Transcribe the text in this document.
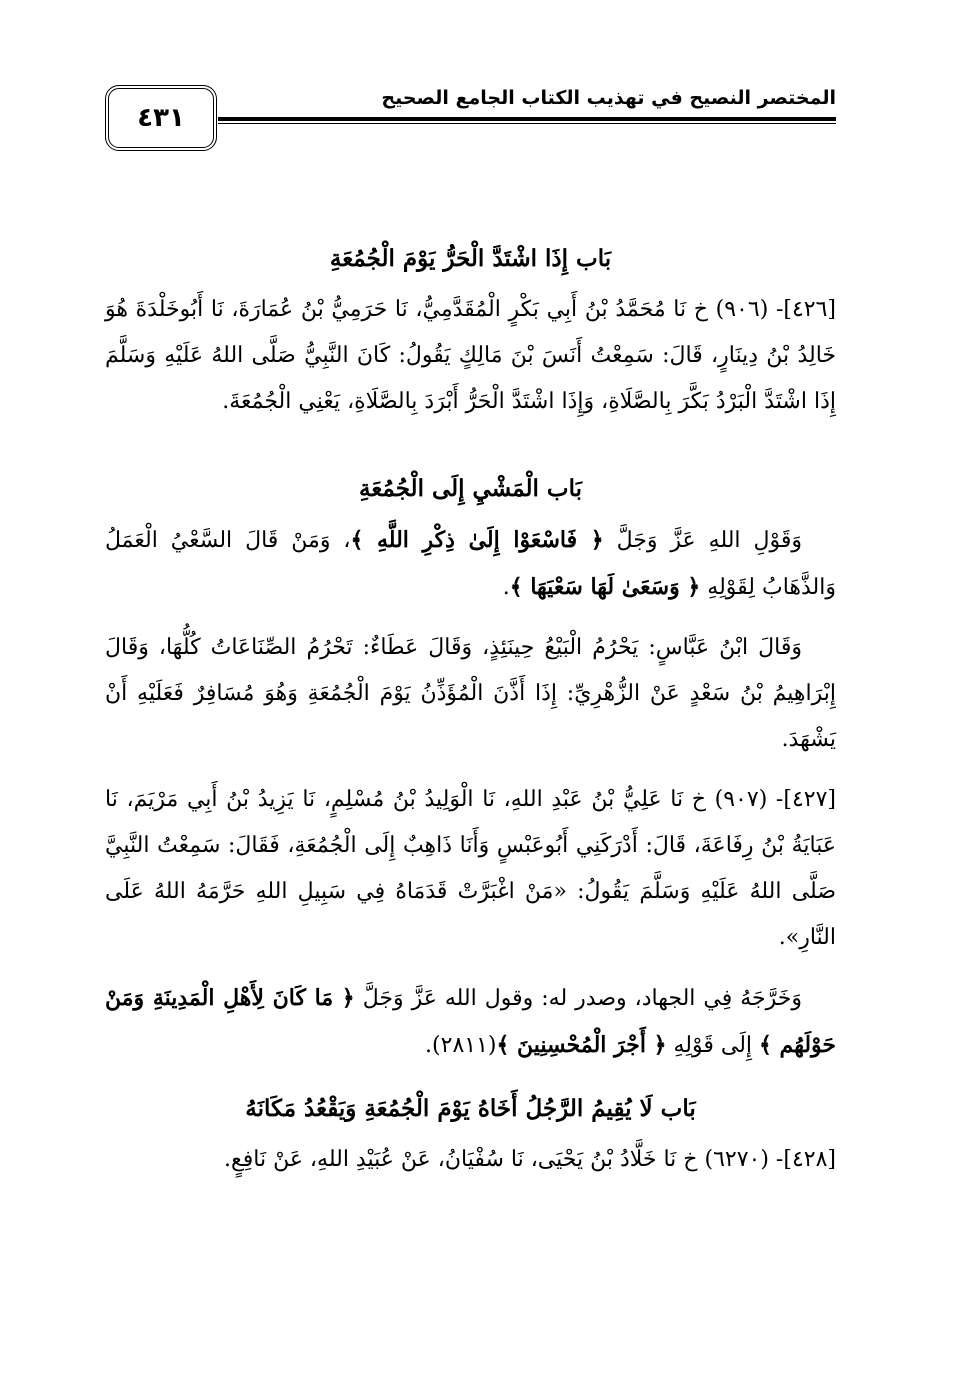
٤٣١
المختصر النصيح في تهذيب الكتاب الجامع الصحيح
بَاب إِذَا اشْتَدَّ الْحَرُّ يَوْمَ الْجُمُعَةِ

[٤٢٦]- (٩٠٦) خ نَا مُحَمَّدُ بْنُ أَبِي بَكْرٍ الْمُقَدَّمِيُّ، نَا حَرَمِيُّ بْنُ عُمَارَةَ، نَا أَبُوخَلْدَةَ هُوَ خَالِدُ بْنُ دِينَارٍ، قَالَ: سَمِعْتُ أَنَسَ بْنَ مَالِكٍ يَقُولُ: كَانَ النَّبِيُّ صَلَّى اللهُ عَلَيْهِ وَسَلَّمَ إِذَا اشْتَدَّ الْبَرْدُ بَكَّرَ بِالصَّلَاةِ، وَإِذَا اشْتَدَّ الْحَرُّ أَبْرَدَ بِالصَّلَاةِ، يَعْنِي الْجُمُعَةَ.

بَاب الْمَشْيِ إِلَى الْجُمُعَةِ

وَقَوْلِ اللهِ عَزَّ وَجَلَّ ﴿ فَاسْعَوْا إِلَىٰ ذِكْرِ اللَّهِ ﴾، وَمَنْ قَالَ السَّعْيُ الْعَمَلُ وَالذَّهَابُ لِقَوْلِهِ ﴿ وَسَعَىٰ لَهَا سَعْيَهَا ﴾.

وَقَالَ ابْنُ عَبَّاسٍ: يَحْرُمُ الْبَيْعُ حِينَئِذٍ، وَقَالَ عَطَاءٌ: تَحْرُمُ الصِّنَاعَاتُ كُلُّهَا، وَقَالَ إِبْرَاهِيمُ بْنُ سَعْدٍ عَنْ الزُّهْرِيِّ: إِذَا أَذَّنَ الْمُؤَذِّنُ يَوْمَ الْجُمُعَةِ وَهُوَ مُسَافِرٌ فَعَلَيْهِ أَنْ يَشْهَدَ.

[٤٢٧]- (٩٠٧) خ نَا عَلِيُّ بْنُ عَبْدِ اللهِ، نَا الْوَلِيدُ بْنُ مُسْلِمٍ، نَا يَزِيدُ بْنُ أَبِي مَرْيَمَ، نَا عَبَايَةُ بْنُ رِفَاعَةَ، قَالَ: أَدْرَكَنِي أَبُوعَبْسٍ وَأَنَا ذَاهِبٌ إِلَى الْجُمُعَةِ، فَقَالَ: سَمِعْتُ النَّبِيَّ صَلَّى اللهُ عَلَيْهِ وَسَلَّمَ يَقُولُ: «مَنْ اغْبَرَّتْ قَدَمَاهُ فِي سَبِيلِ اللهِ حَرَّمَهُ اللهُ عَلَى النَّارِ».

وَخَرَّجَهُ فِي الجهاد، وصدر له: وقول الله عَزَّ وَجَلَّ ﴿ مَا كَانَ لِأَهْلِ الْمَدِينَةِ وَمَنْ حَوْلَهُم ﴾ إِلَى قَوْلِهِ ﴿ أَجْرَ الْمُحْسِنِينَ ﴾(٢٨١١).

بَاب لَا يُقِيمُ الرَّجُلُ أَخَاهُ يَوْمَ الْجُمُعَةِ وَيَقْعُدُ مَكَانَهُ

[٤٢٨]- (٦٢٧٠) خ نَا خَلَّادُ بْنُ يَحْيَى، نَا سُفْيَانُ، عَنْ عُبَيْدِ اللهِ، عَنْ نَافِعٍ.
